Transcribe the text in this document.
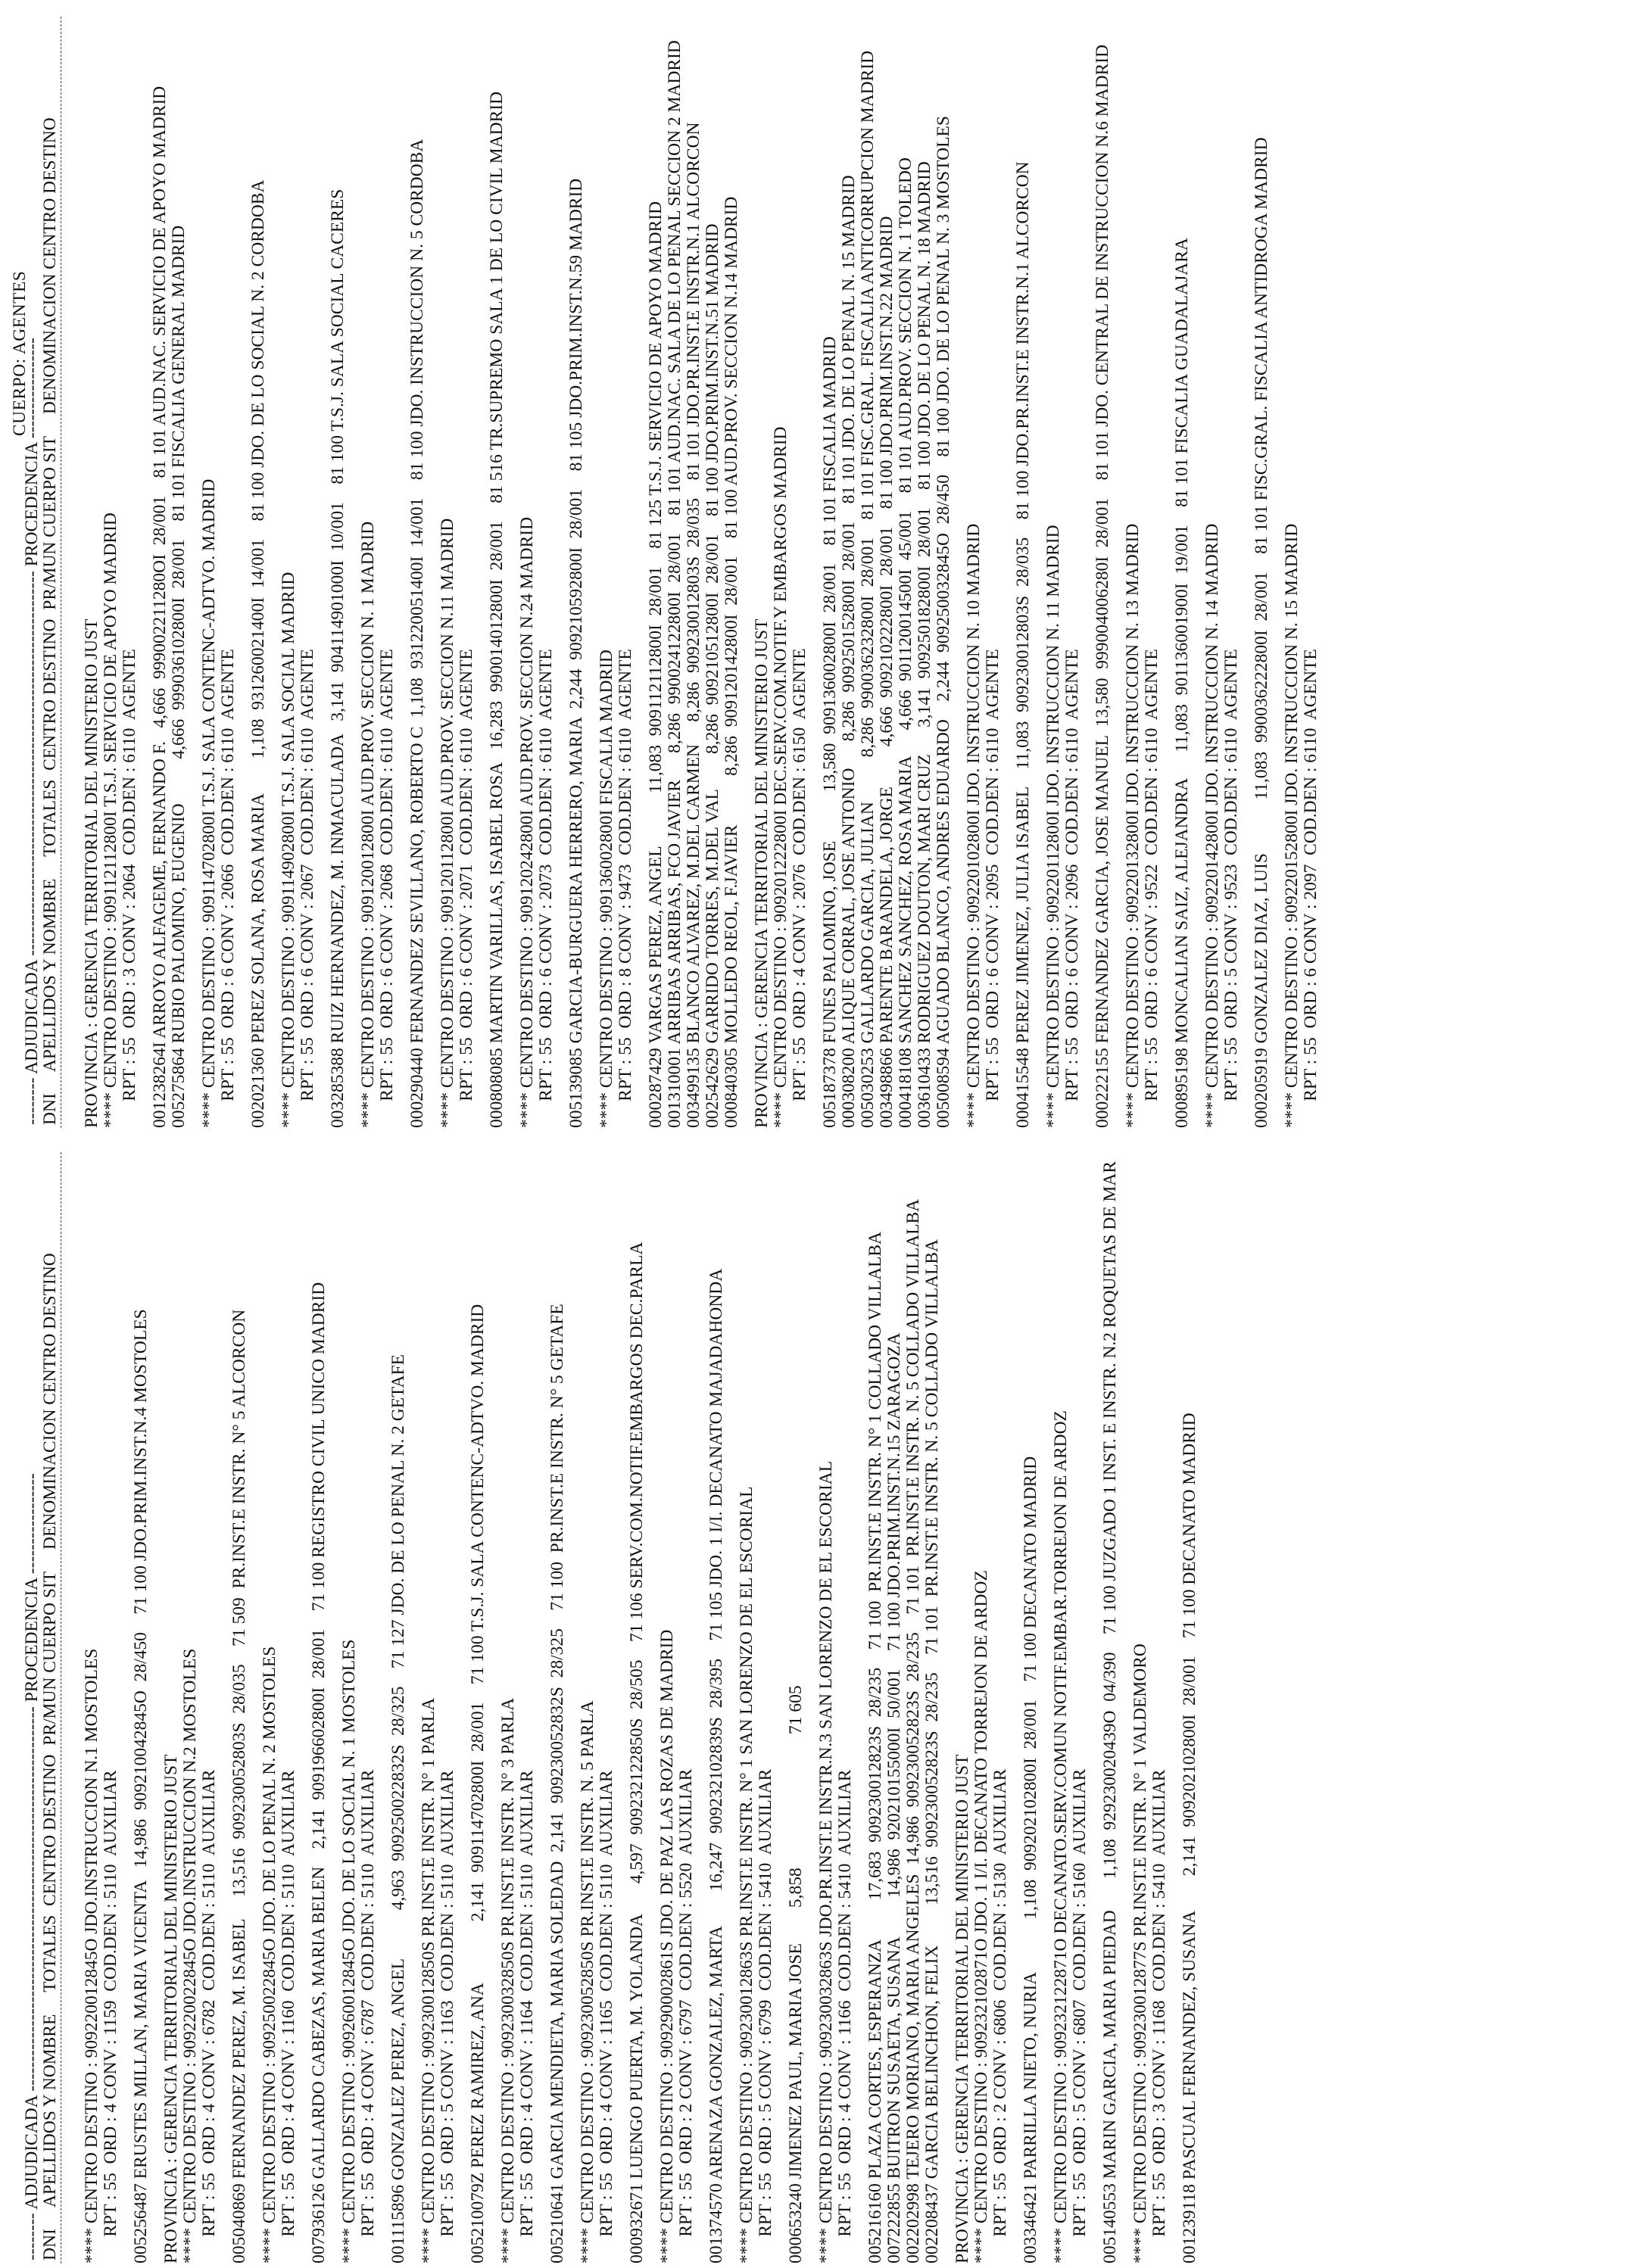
-------- ADJUDICADA ----------------------------------------------------------------- PROCEDENCIA -----------------
DNI     APELLIDOS Y NOMBRE     TOTALES  CENTRO DESTINO  PR/MUN CUERPO SIT     DENOMINACION CENTRO DESTINO **** CENTRO DESTINO : 909220012845O JDO.INSTRUCCION N.1 MOSTOLES RPT : 55  ORD : 4 CONV : 1159  COD.DEN : 5110  AUXILIAR 005256487 ERUSTES MILLAN, MARIA VICENTA   14,986  909210042845O  28/450    71 100 JDO.PRIM.INST.N.4 MOSTOLES PROVINCIA : GERENCIA TERRITORIAL DEL MINISTERIO JUST **** CENTRO DESTINO : 909220022845O JDO.INSTRUCCION N.2 MOSTOLES RPT : 55  ORD : 4 CONV : 6782  COD.DEN : 5110  AUXILIAR 005040869 FERNANDEZ PEREZ, M. ISABEL     13,516  909230052803S  28/035    71 509  PR.INST.E INSTR. N° 5 ALCORCON **** CENTRO DESTINO : 909250022845O JDO. DE LO PENAL N. 2 MOSTOLES RPT : 55  ORD : 4 CONV : 1160  COD.DEN : 5110  AUXILIAR 007936126 GALLARDO CABEZAS, MARIA BELEN    2,141  909196602800I  28/001    71 100 REGISTRO CIVIL UNICO MADRID **** CENTRO DESTINO : 909260012845O JDO. DE LO SOCIAL N. 1 MOSTOLES RPT : 55  ORD : 4 CONV : 6787  COD.DEN : 5110  AUXILIAR 001115896 GONZALEZ PEREZ, ANGEL           4,963  909250022832S  28/325    71 127 JDO. DE LO PENAL N. 2 GETAFE **** CENTRO DESTINO : 909230012850S PR.INST.E INSTR. N° 1 PARLA RPT : 55  ORD : 5 CONV : 1163  COD.DEN : 5110  AUXILIAR 005210079Z PEREZ RAMIREZ, ANA              2,141  909114702800I  28/001    71 100 T.S.J. SALA CONTENC-ADTVO. MADRID **** CENTRO DESTINO : 909230032850S PR.INST.E INSTR. N° 3 PARLA RPT : 55  ORD : 4 CONV : 1164  COD.DEN : 5110  AUXILIAR 005210641 GARCIA MENDIETA, MARIA SOLEDAD  2,141  909230052832S  28/325    71 100  PR.INST.E INSTR. N° 5 GETAFE **** CENTRO DESTINO : 909230052850S PR.INST.E INSTR. N. 5 PARLA RPT : 55  ORD : 4 CONV : 1165  COD.DEN : 5110  AUXILIAR 000932671 LUENGO PUERTA, M. YOLANDA       4,597  909232122850S  28/505    71 106 SERV.COM.NOTIF.EMBARGOS DEC.PARLA **** CENTRO DESTINO : 909290002861S JDO. DE PAZ LAS ROZAS DE MADRID RPT : 55  ORD : 2 CONV : 6797  COD.DEN : 5520  AUXILIAR 001374570 ARENAZA GONZALEZ, MARTA        16,247  909232102839S  28/395    71 105 JDO. 1 I/I. DECANATO MAJADAHONDA **** CENTRO DESTINO : 909230012863S PR.INST.E INSTR. N° 1 SAN LORENZO DE EL ESCORIAL RPT : 55  ORD : 5 CONV : 6799  COD.DEN : 5410  AUXILIAR 000653240 JIMENEZ PAUL, MARIA JOSE        5,858                              71 605 **** CENTRO DESTINO : 909230032863S JDO.PR.INST.E INSTR.N.3 SAN LORENZO DE EL ESCORIAL RPT : 55  ORD : 4 CONV : 1166  COD.DEN : 5410  AUXILIAR 005216160 PLAZA CORTES, ESPERANZA         17,683  909230012823S  28/235    71 100  PR.INST.E INSTR. N° 1 COLLADO VILLALBA 007222855 BUITRON SUSAETA, SUSANA         14,986  920210155000I  50/001    71 100 JDO.PRIM.INST.N.15 ZARAGOZA 002202998 TEJERO MORIANO, MARIA ANGELES  14,986  909230052823S  28/235    71 101  PR.INST.E INSTR. N. 5 COLLADO VILLALBA 002208437 GARCIA BELINCHON, FELIX         13,516  909230052823S  28/235    71 101  PR.INST.E INSTR. N. 5 COLLADO VILLALBA PROVINCIA : GERENCIA TERRITORIAL DEL MINISTERIO JUST **** CENTRO DESTINO : 909232102871O JDO. 1 I/I. DECANATO TORREJON DE ARDOZ RPT : 55  ORD : 2 CONV : 6806  COD.DEN : 5130  AUXILIAR 003346421 PARRILLA NIETO, NURIA            1,108  909202102800I  28/001    71 100 DECANATO MADRID **** CENTRO DESTINO : 909232122871O DECANATO.SERV.COMUN NOTIF.EMBAR.TORREJON DE ARDOZ RPT : 55  ORD : 5 CONV : 6807  COD.DEN : 5160  AUXILIAR 005140553 MARIN GARCIA, MARIA PIEDAD       1,108  929230020439O  04/390    71 100 JUZGADO 1 INST. E INSTR. N.2 ROQUETAS DE MAR **** CENTRO DESTINO : 909230012877S PR.INST.E INSTR. N° 1 VALDEMORO RPT : 55  ORD : 3 CONV : 1168  COD.DEN : 5410  AUXILIAR 001239118 PASCUAL FERNANDEZ, SUSANA        2,141  909202102800I  28/001    71 100 DECANATO MADRID
CUERPO: AGENTES
-------- ADJUDICADA ----------------------------------------------------------------- PROCEDENCIA -----------------
DNI     APELLIDOS Y NOMBRE     TOTALES  CENTRO DESTINO  PR/MUN CUERPO SIT     DENOMINACION CENTRO DESTINO PROVINCIA : GERENCIA TERRITORIAL DEL MINISTERIO JUST **** CENTRO DESTINO : 909112112800I T.S.J. SERVICIO DE APOYO MADRID RPT : 55  ORD : 3 CONV : 2064  COD.DEN : 6110  AGENTE 001238264I ARROYO ALFAGEME, FERNANDO F.   4,666  999002211280OI  28/001    81 101 AUD.NAC. SERVICIO DE APOYO MADRID 005275864 RUBIO PALOMINO, EUGENIO          4,666  999036102800I  28/001    81 101 FISCALIA GENERAL MADRID **** CENTRO DESTINO : 909114702800I T.S.J. SALA CONTENC-ADTVO. MADRID RPT : 55  ORD : 6 CONV : 2066  COD.DEN : 6110  AGENTE 002021360 PEREZ SOLANA, ROSA MARIA        1,108  931260021400I  14/001    81 100 JDO. DE LO SOCIAL N. 2 CORDOBA **** CENTRO DESTINO : 909114902800I T.S.J. SALA SOCIAL MADRID RPT : 55  ORD : 6 CONV : 2067  COD.DEN : 6110  AGENTE 003285388 RUIZ HERNANDEZ, M. INMACULADA   3,141  904114901000I  10/001    81 100 T.S.J. SALA SOCIAL CACERES **** CENTRO DESTINO : 909120012800I AUD.PROV. SECCION N. 1 MADRID RPT : 55  ORD : 6 CONV : 2068  COD.DEN : 6110  AGENTE 000290440 FERNANDEZ SEVILLANO, ROBERTO C  1,108  931220051400I  14/001    81 100 JDO. INSTRUCCION N. 5 CORDOBA **** CENTRO DESTINO : 909120112800I AUD.PROV. SECCION N.11 MADRID RPT : 55  ORD : 6 CONV : 2071  COD.DEN : 6110  AGENTE 000808085 MARTIN VARILLAS, ISABEL ROSA   16,283  990014012800I  28/001    81 516 TR.SUPREMO SALA 1 DE LO CIVIL MADRID **** CENTRO DESTINO : 909120242800I AUD.PROV. SECCION N.24 MADRID RPT : 55  ORD : 6 CONV : 2073  COD.DEN : 6110  AGENTE 005139085 GARCIA-BURGUERA HERRERO, MARIA  2,244  909210592800I  28/001    81 105 JDO.PRIM.INST.N.59 MADRID **** CENTRO DESTINO : 909136002800I FISCALIA MADRID RPT : 55  ORD : 8 CONV : 9473  COD.DEN : 6110  AGENTE 000287429 VARGAS PEREZ, ANGEL            11,083  909112112800I  28/001    81 125 T.S.J. SERVICIO DE APOYO MADRID 001310001 ARRIBAS ARRIBAS, FCO JAVIER      8,286  990024122800I  28/001    81 101 AUD.NAC. SALA DE LO PENAL SECCION 2 MADRID 003499135 BLANCO ALVAREZ, M.DEL CARMEN     8,286  909230012803S  28/035    81 101 JDO.PR.INST.E INSTR.N.1 ALCORCON 002542629 GARRIDO TORRES, M.DEL VAL        8,286  909210512800I  28/001    81 100 JDO.PRIM.INST.N.51 MADRID 000840305 MOLLEDO REOL, F.JAVIER           8,286  909120142800I  28/001    81 100 AUD.PROV. SECCION N.14 MADRID PROVINCIA : GERENCIA TERRITORIAL DEL MINISTERIO JUST **** CENTRO DESTINO : 909201222800I DEC.SERV.COM.NOTIF.Y EMBARGOS MADRID RPT : 55  ORD : 4 CONV : 2076  COD.DEN : 6150  AGENTE 005187378 FUNES PALOMINO, JOSE           13,580  909136002800I  28/001    81 101 FISCALIA MADRID 000308200 ALIQUE CORRAL, JOSE ANTONIO      8,286  909250152800I  28/001    81 101 JDO. DE LO PENAL N. 15 MADRID 005030253 GALLARDO GARCIA, JULIAN          8,286  990036232800I  28/001    81 101 FISC.GRAL. FISCALIA ANTICORRUPCION MADRID 003498866 PARENTE BARANDELA, JORGE         4,666  909210222800I  28/001    81 100 JDO.PRIM.INST.N.22 MADRID 000418108 SANCHEZ SANCHEZ, ROSA MARIA      4,666  901120014500I  45/001    81 101 AUD.PROV. SECCION N. 1 TOLEDO 003610433 RODRIGUEZ DOUTON, MARI CRUZ      3,141  909250182800I  28/001    81 100 JDO. DE LO PENAL N. 18 MADRID 005008594 AGUADO BLANCO, ANDRES EDUARDO    2,244  909250032845O  28/450    81 100 JDO. DE LO PENAL N. 3 MOSTOLES **** CENTRO DESTINO : 909220102800I JDO. INSTRUCCION N. 10 MADRID RPT : 55  ORD : 6 CONV : 2095  COD.DEN : 6110  AGENTE 000415548 PEREZ JIMENEZ, JULIA ISABEL    11,083  909230012803S  28/035    81 100 JDO.PR.INST.E INSTR.N.1 ALCORCON **** CENTRO DESTINO : 909220112800I JDO. INSTRUCCION N. 11 MADRID RPT : 55  ORD : 6 CONV : 2096  COD.DEN : 6110  AGENTE 000222155 FERNANDEZ GARCIA, JOSE MANUEL  13,580  999004006280I  28/001    81 101 JDO. CENTRAL DE INSTRUCCION N.6 MADRID **** CENTRO DESTINO : 909220132800I JDO. INSTRUCCION N. 13 MADRID RPT : 55  ORD : 6 CONV : 9522  COD.DEN : 6110  AGENTE 000895198 MONCALIAN SAIZ, ALEJANDRA      11,083  901136001900I  19/001    81 101 FISCALIA GUADALAJARA **** CENTRO DESTINO : 909220142800I JDO. INSTRUCCION N. 14 MADRID RPT : 55  ORD : 5 CONV : 9523  COD.DEN : 6110  AGENTE 000205919 GONZALEZ DIAZ, LUIS            11,083  990036222800I  28/001    81 101 FISC.GRAL. FISCALIA ANTIDROGA MADRID **** CENTRO DESTINO : 909220152800I JDO. INSTRUCCION N. 15 MADRID RPT : 55  ORD : 6 CONV : 2097  COD.DEN : 6110  AGENTE
